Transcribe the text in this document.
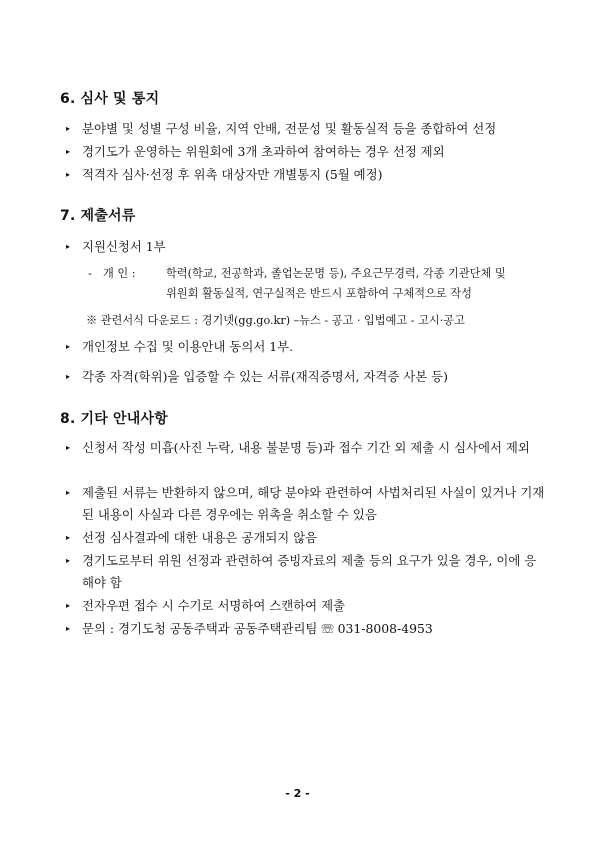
6. 심사 및 통지
▸ 분야별 및 성별 구성 비율, 지역 안배, 전문성 및 활동실적 등을 종합하여 선정
▸ 경기도가 운영하는 위원회에 3개 초과하여 참여하는 경우 선정 제외
▸ 적격자 심사·선정 후 위촉 대상자만 개별통지 (5월 예정)
7. 제출서류
▸ 지원신청서 1부
- 개 인 :	학력(학교, 전공학과, 졸업논문명 등), 주요근무경력, 각종 기관단체 및
위원회 활동실적, 연구실적은 반드시 포함하여 구체적으로 작성
※ 관련서식 다운로드 : 경기넷(gg.go.kr) –뉴스 - 공고 · 입법예고 - 고시·공고
▸ 개인정보 수집 및 이용안내 동의서 1부.
▸ 각종 자격(학위)을 입증할 수 있는 서류(재직증명서, 자격증 사본 등)
8. 기타 안내사항
▸ 신청서 작성 미흡(사진 누락, 내용 불분명 등)과 접수 기간 외 제출 시 심사에서 제외
▸ 제출된 서류는 반환하지 않으며, 해당 분야와 관련하여 사법처리된 사실이 있거나 기재된 내용이 사실과 다른 경우에는 위촉을 취소할 수 있음
▸ 선정 심사결과에 대한 내용은 공개되지 않음
▸ 경기도로부터 위원 선정과 관련하여 증빙자료의 제출 등의 요구가 있을 경우, 이에 응해야 함
▸ 전자우편 접수 시 수기로 서명하여 스캔하여 제출
▸ 문의 : 경기도청 공동주택과 공동주택관리팀 ☏ 031-8008-4953
- 2 -
